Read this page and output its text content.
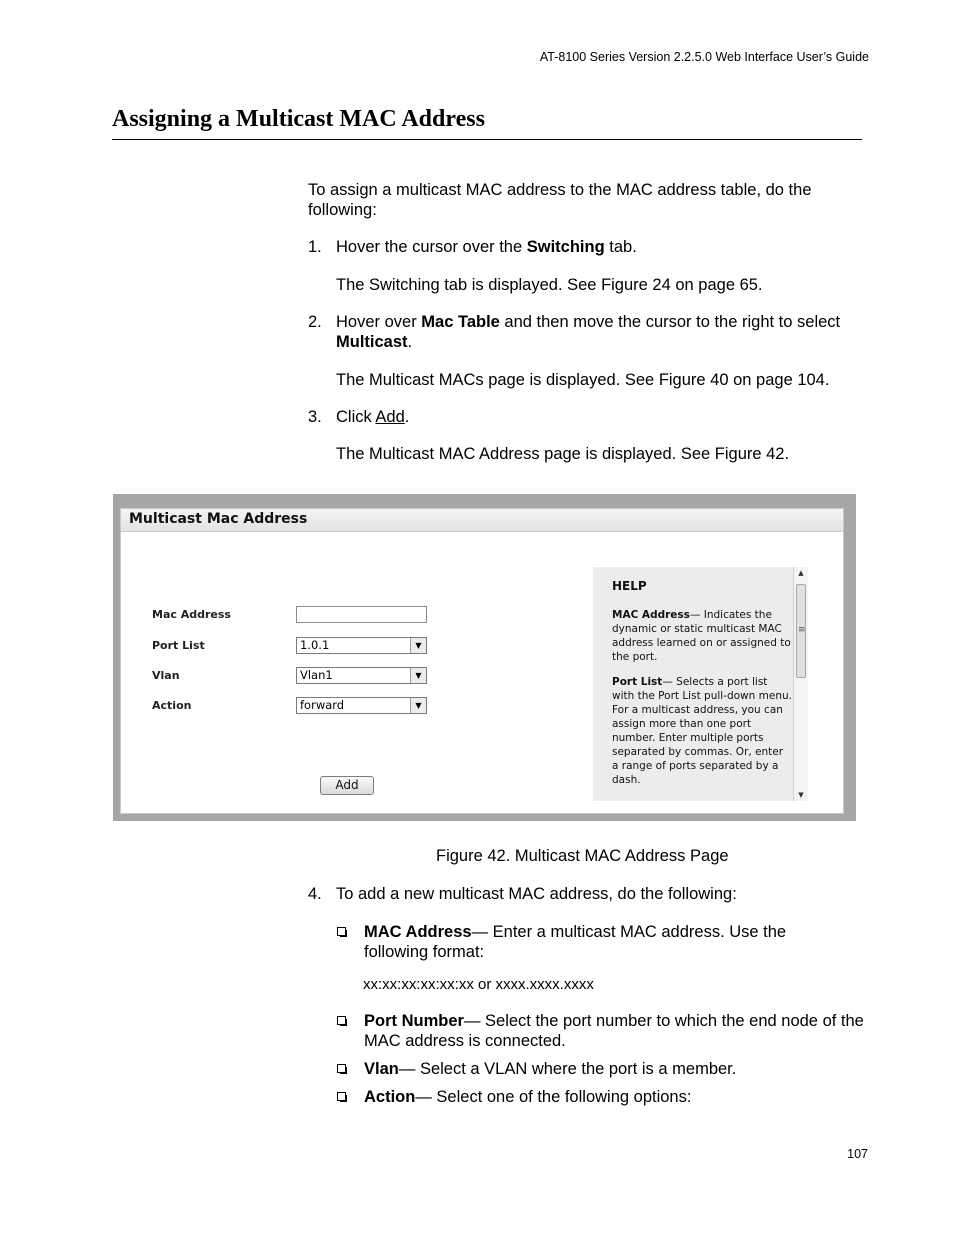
AT-8100 Series Version 2.2.5.0 Web Interface User’s Guide
Assigning a Multicast MAC Address
To assign a multicast MAC address to the MAC address table, do the following:
1. Hover the cursor over the Switching tab.
The Switching tab is displayed. See Figure 24 on page 65.
2. Hover over Mac Table and then move the cursor to the right to select Multicast.
The Multicast MACs page is displayed. See Figure 40 on page 104.
3. Click Add.
The Multicast MAC Address page is displayed. See Figure 42.
Multicast Mac Address
Mac Address
Port List	1.0.1	▼
Vlan	Vlan1	▼
Action	forward	▼
Add
HELP
MAC Address— Indicates the dynamic or static multicast MAC address learned on or assigned to the port.
Port List— Selects a port list with the Port List pull-down menu. For a multicast address, you can assign more than one port number. Enter multiple ports separated by commas. Or, enter a range of ports separated by a dash.
▲
≡
▼
Figure 42. Multicast MAC Address Page
4. To add a new multicast MAC address, do the following:
MAC Address— Enter a multicast MAC address. Use the following format:
xx:xx:xx:xx:xx:xx or xxxx.xxxx.xxxx
Port Number— Select the port number to which the end node of the MAC address is connected.
Vlan— Select a VLAN where the port is a member.
Action— Select one of the following options:
107
